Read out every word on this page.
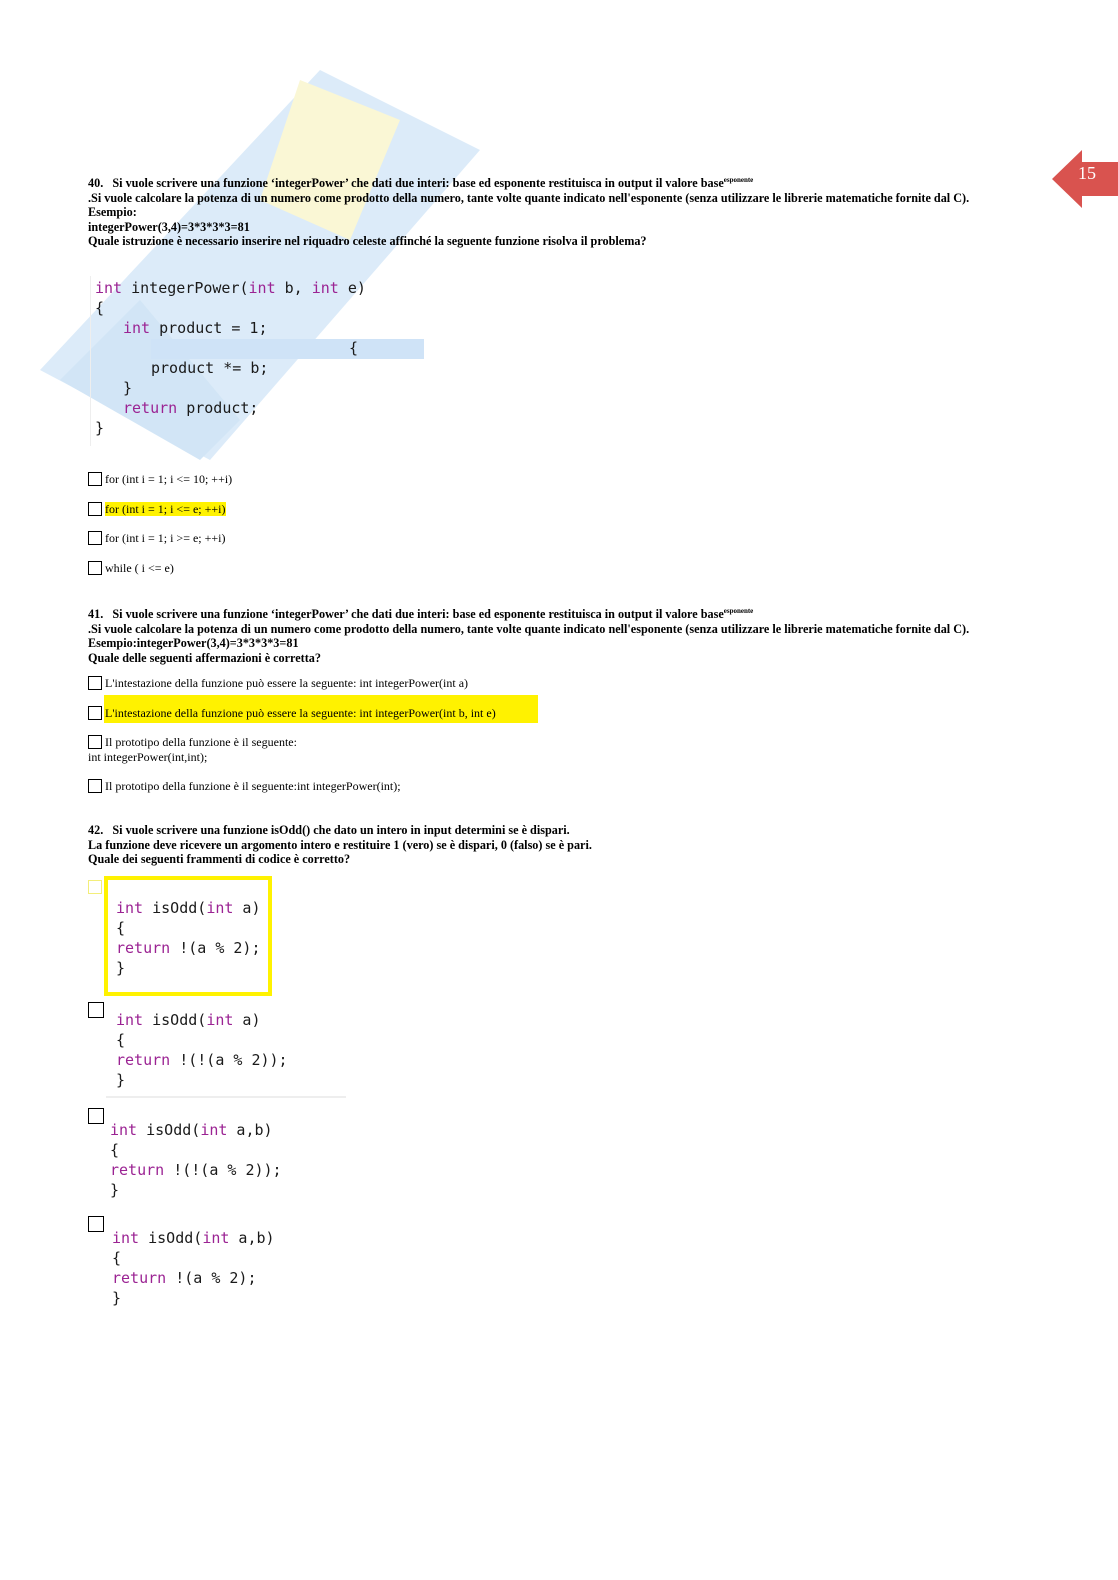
15

40. Si vuole scrivere una funzione ‘integerPower’ che dati due interi: base ed esponente restituisca in output il valore base$^{esponente}$

.Si vuole calcolare la potenza di un numero come prodotto della numero, tante volte quante indicato nell'esponente (senza utilizzare le librerie matematiche fornite dal C).

Esempio:

integerPower(3,4)=3*3*3*3=81

Quale istruzione è necessario inserire nel riquadro celeste affinché la seguente funzione risolva il problema?

int integerPower(int b, int e)
{
int product = 1;
{
product *= b;
}
return product;
}
for (int i = 1; i <= 10; ++i)
for (int i = 1; i <= e; ++i)
for (int i = 1; i >= e; ++i)
while ( i <= e)

41. Si vuole scrivere una funzione ‘integerPower’ che dati due interi: base ed esponente restituisca in output il valore base$^{esponente}$

.Si vuole calcolare la potenza di un numero come prodotto della numero, tante volte quante indicato nell'esponente (senza utilizzare le librerie matematiche fornite dal C). Esempio:integerPower(3,4)=3*3*3*3=81

Quale delle seguenti affermazioni è corretta?

L'intestazione della funzione può essere la seguente: int integerPower(int a)
L'intestazione della funzione può essere la seguente: int integerPower(int b, int e)
Il prototipo della funzione è il seguente:
int integerPower(int,int);
Il prototipo della funzione è il seguente:int integerPower(int);

42. Si vuole scrivere una funzione isOdd() che dato un intero in input determini se è dispari.

La funzione deve ricevere un argomento intero e restituire 1 (vero) se è dispari, 0 (falso) se è pari.

Quale dei seguenti frammenti di codice è corretto?

int isOdd(int a)
{
return !(a % 2);
}
int isOdd(int a)
{
return !(!(a % 2));
}
int isOdd(int a,b)
{
return !(!(a % 2));
}
int isOdd(int a,b)
{
return !(a % 2);
}
